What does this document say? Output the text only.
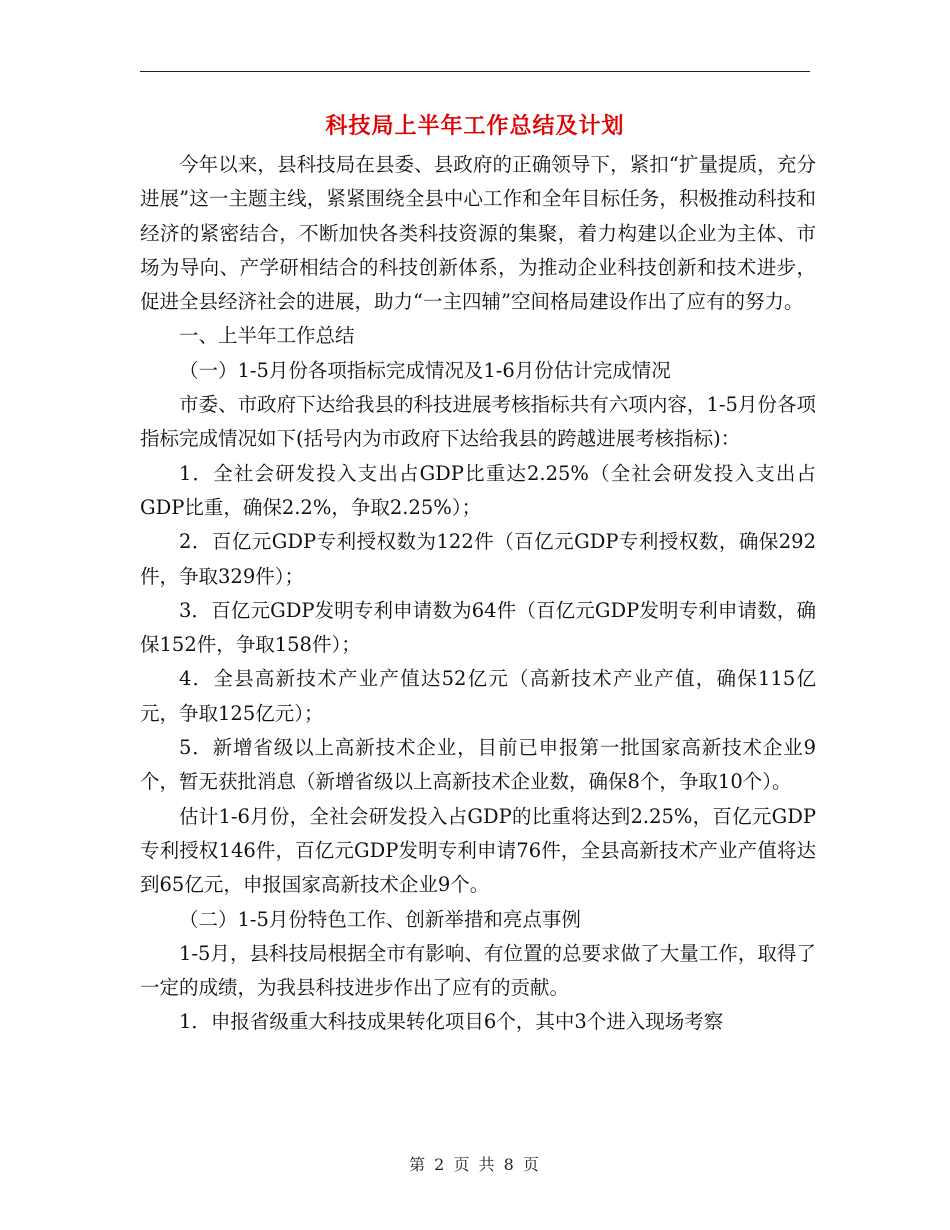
科技局上半年工作总结及计划

今年以来，县科技局在县委、县政府的正确领导下，紧扣“扩量提质，充分进展”这一主题主线，紧紧围绕全县中心工作和全年目标任务，积极推动科技和经济的紧密结合，不断加快各类科技资源的集聚，着力构建以企业为主体、市场为导向、产学研相结合的科技创新体系，为推动企业科技创新和技术进步，促进全县经济社会的进展，助力“一主四辅”空间格局建设作出了应有的努力。

一、上半年工作总结

（一）1-5月份各项指标完成情况及1-6月份估计完成情况

市委、市政府下达给我县的科技进展考核指标共有六项内容，1-5月份各项指标完成情况如下(括号内为市政府下达给我县的跨越进展考核指标)：

1．全社会研发投入支出占GDP比重达2.25%（全社会研发投入支出占GDP比重，确保2.2%，争取2.25%）；

2．百亿元GDP专利授权数为122件（百亿元GDP专利授权数，确保292件，争取329件）；

3．百亿元GDP发明专利申请数为64件（百亿元GDP发明专利申请数，确保152件，争取158件）；

4．全县高新技术产业产值达52亿元（高新技术产业产值，确保115亿元，争取125亿元）；

5．新增省级以上高新技术企业，目前已申报第一批国家高新技术企业9个，暂无获批消息（新增省级以上高新技术企业数，确保8个，争取10个）。

估计1-6月份，全社会研发投入占GDP的比重将达到2.25%，百亿元GDP专利授权146件，百亿元GDP发明专利申请76件，全县高新技术产业产值将达到65亿元，申报国家高新技术企业9个。

（二）1-5月份特色工作、创新举措和亮点事例

1-5月，县科技局根据全市有影响、有位置的总要求做了大量工作，取得了一定的成绩，为我县科技进步作出了应有的贡献。

1．申报省级重大科技成果转化项目6个，其中3个进入现场考察

第 2 页 共 8 页
